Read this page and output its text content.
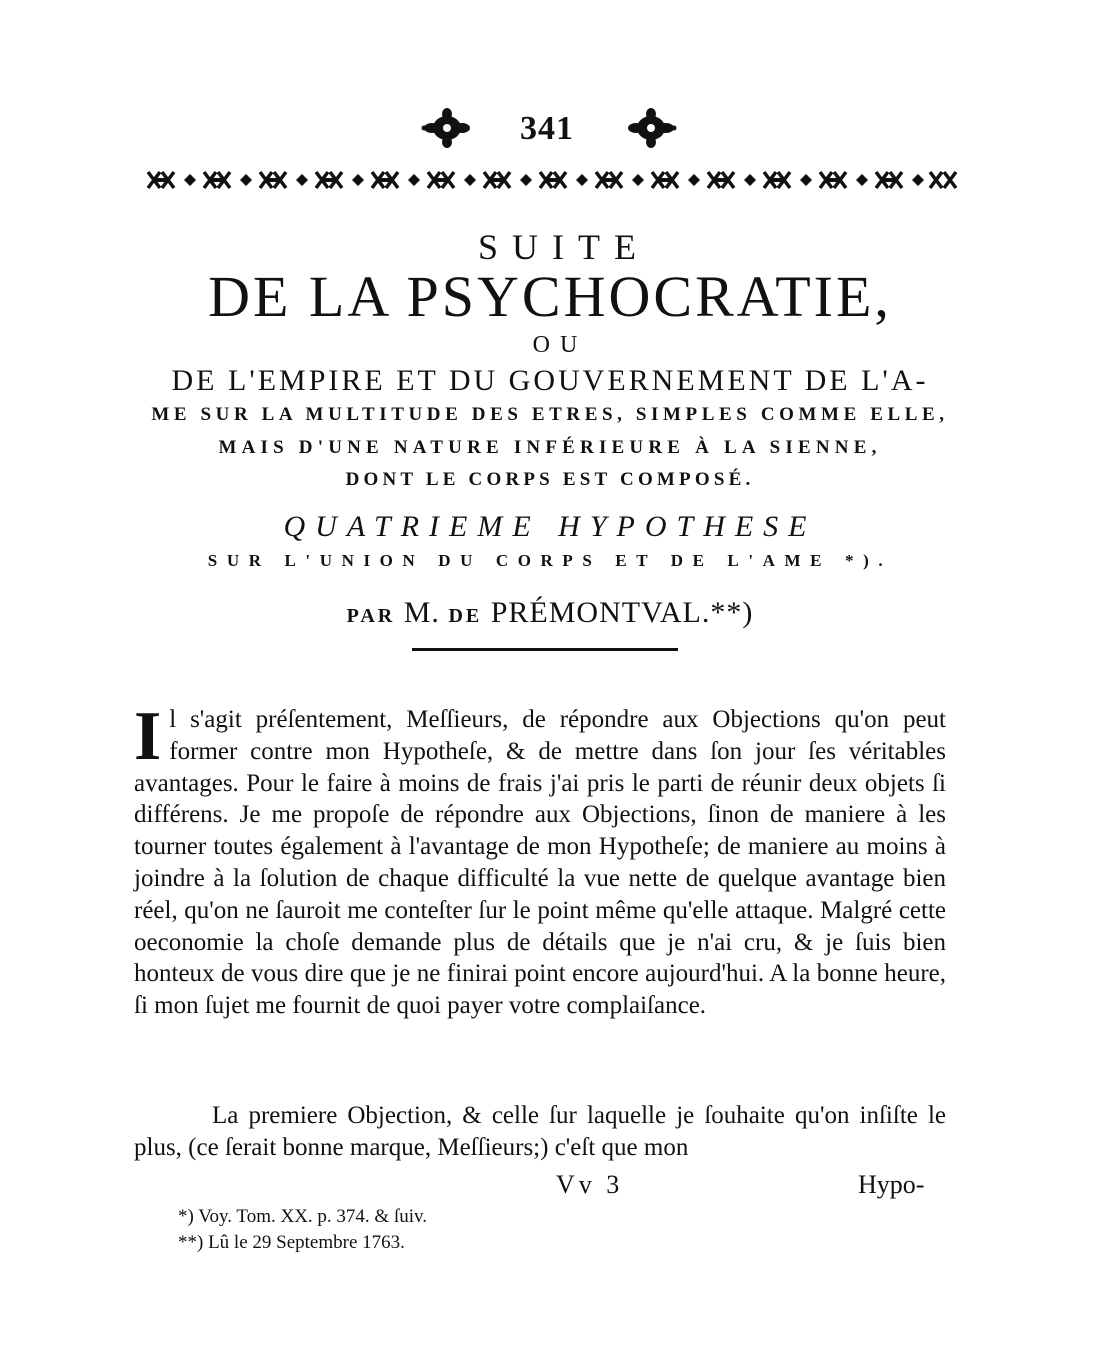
341
SUITE
DE LA PSYCHOCRATIE,
OU
DE L'EMPIRE ET DU GOUVERNEMENT DE L'A-
ME SUR LA MULTITUDE DES ETRES, SIMPLES COMME ELLE,
MAIS D'UNE NATURE INFÉRIEURE À LA SIENNE,
DONT LE CORPS EST COMPOSÉ.
QUATRIEME HYPOTHESE
SUR L'UNION DU CORPS ET DE L'AME *).
PAR M. DE PRÉMONTVAL.**)
Il s'agit préſentement, Meſſieurs, de répondre aux Objections qu'on peut former contre mon Hypotheſe, & de mettre dans ſon jour ſes véritables avantages. Pour le faire à moins de frais j'ai pris le parti de réunir deux objets ſi différens. Je me propoſe de répondre aux Objections, ſinon de maniere à les tourner toutes également à l'avantage de mon Hypotheſe; de maniere au moins à joindre à la ſolution de chaque difficulté la vue nette de quelque avantage bien réel, qu'on ne ſauroit me conteſter ſur le point même qu'elle attaque. Malgré cette oeconomie la choſe demande plus de détails que je n'ai cru, & je ſuis bien honteux de vous dire que je ne finirai point encore aujourd'hui. A la bonne heure, ſi mon ſujet me fournit de quoi payer votre complaiſance.
La premiere Objection, & celle ſur laquelle je ſouhaite qu'on inſiſte le plus, (ce ſerait bonne marque, Meſſieurs;) c'eſt que mon
Vv 3	Hypo-
*) Voy. Tom. XX. p. 374. & ſuiv.
**) Lû le 29 Septembre 1763.
